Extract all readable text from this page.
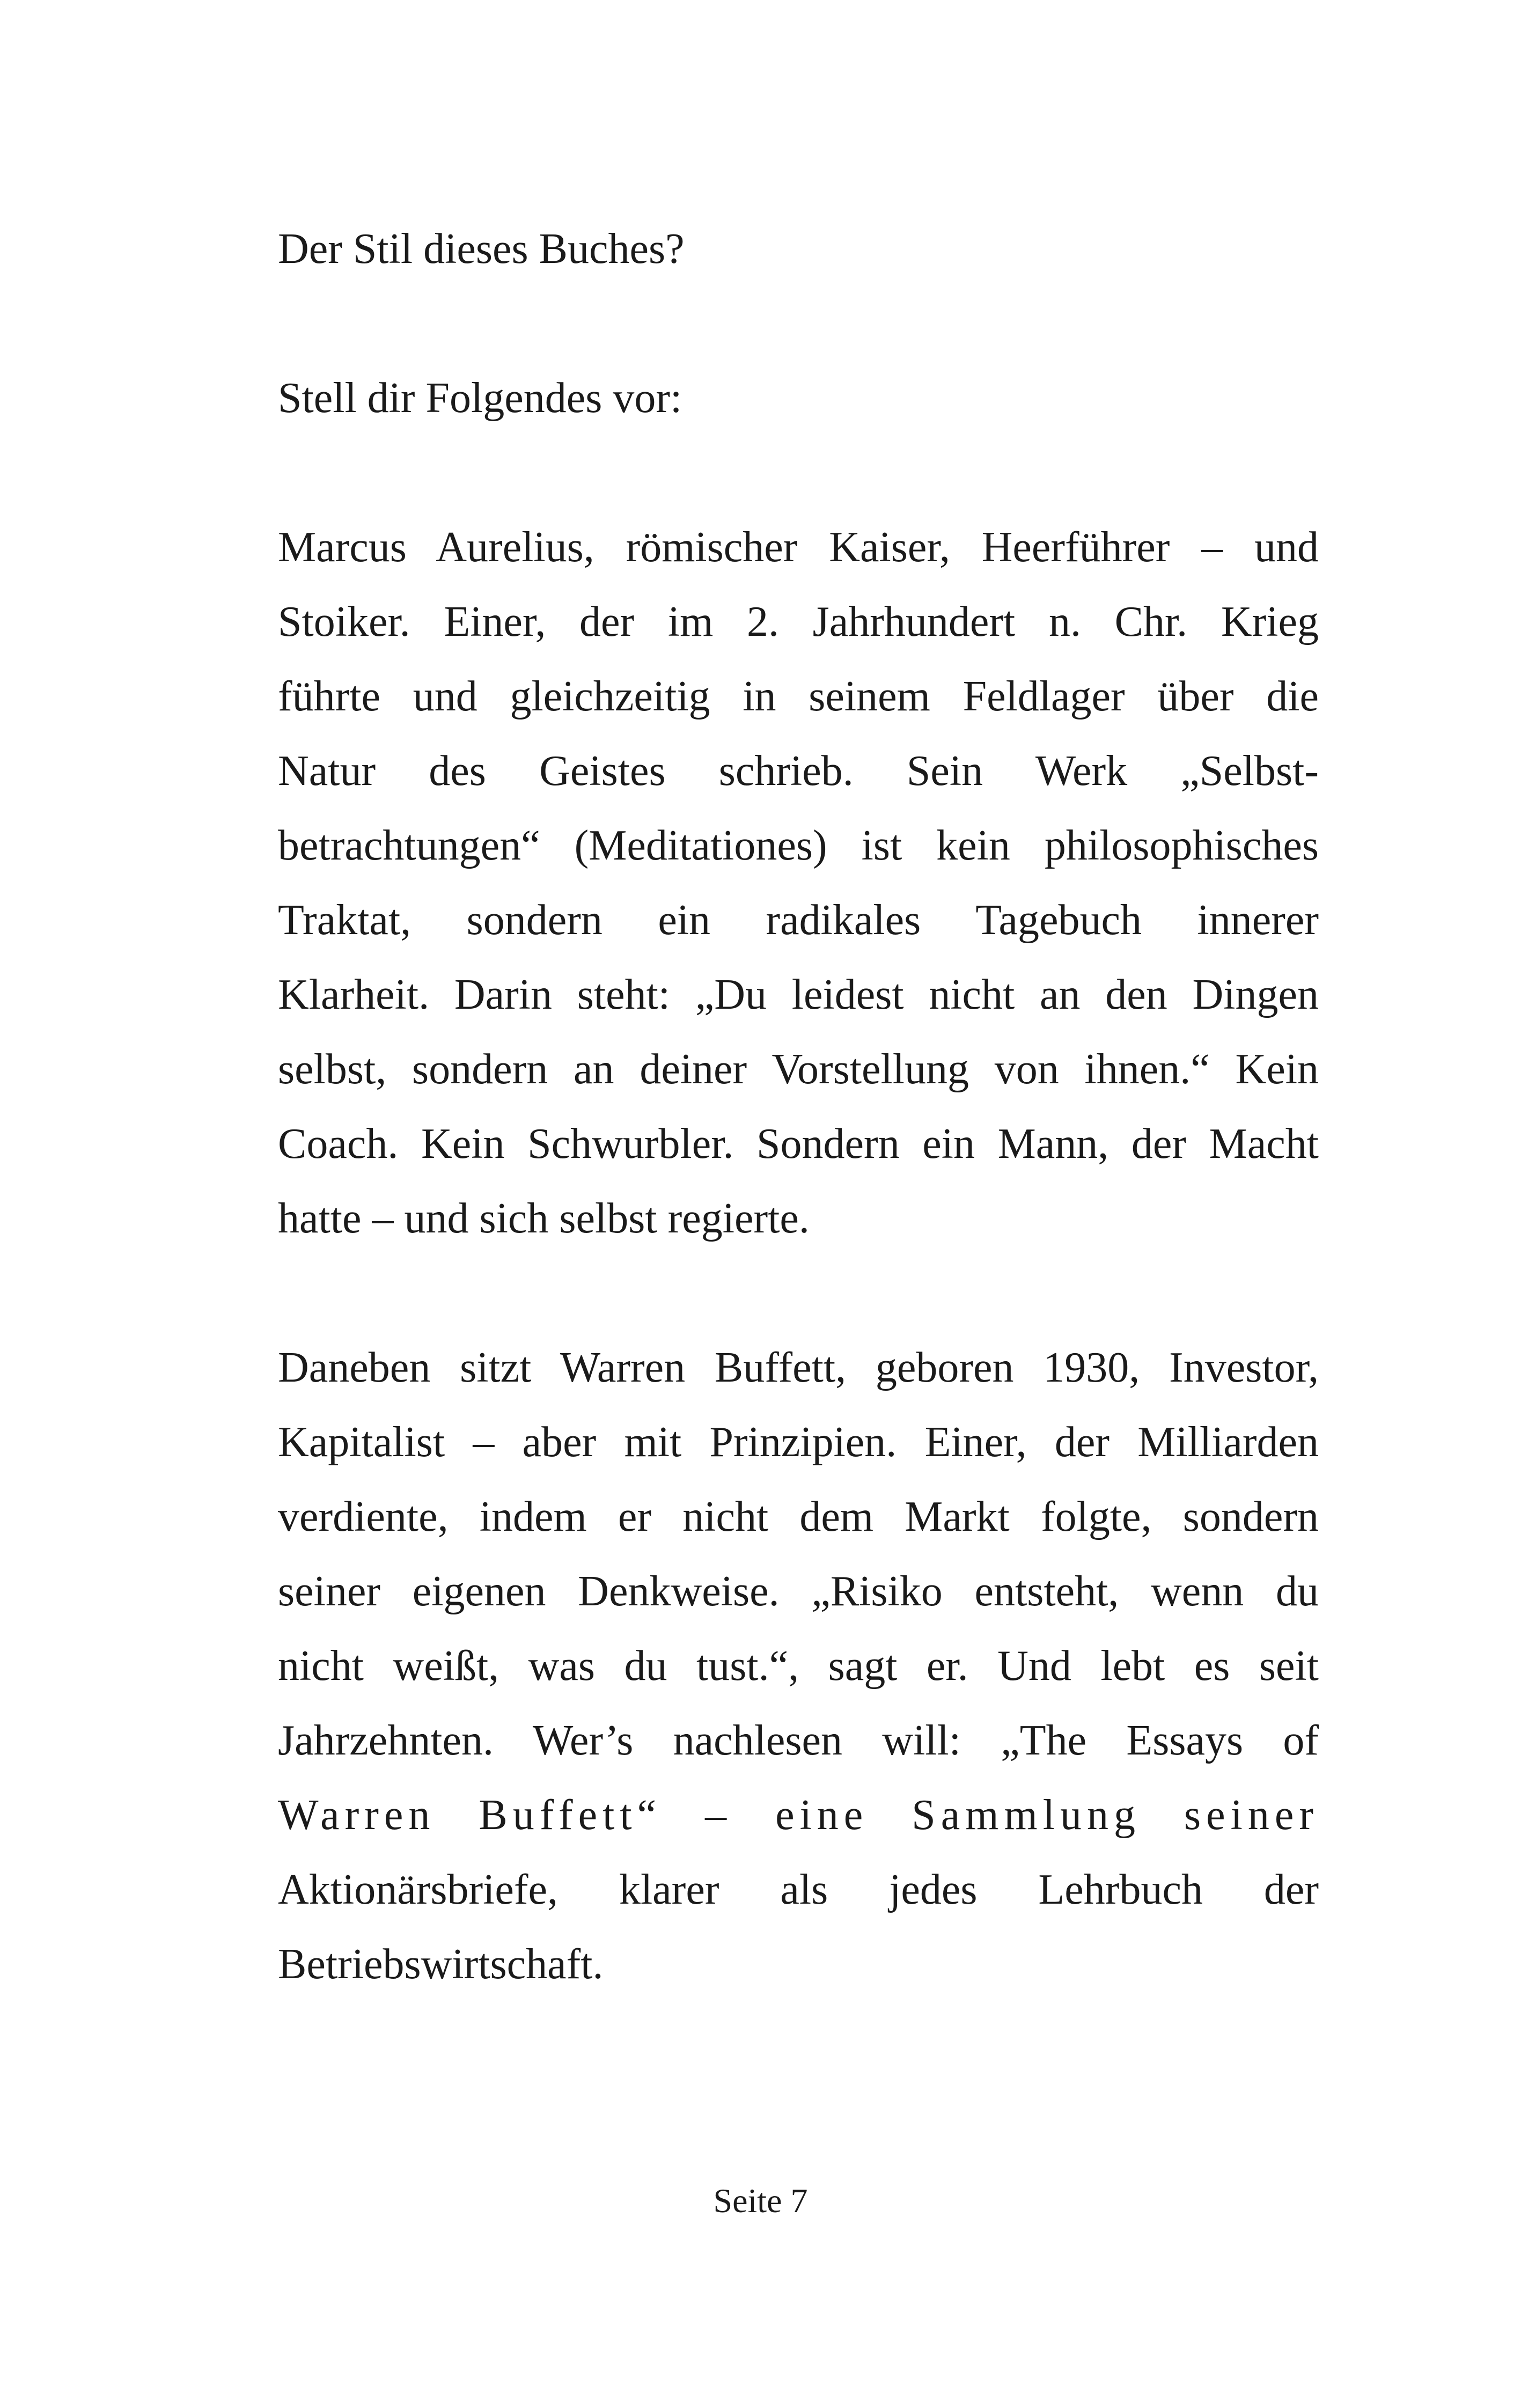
Der Stil dieses Buches?
Stell dir Folgendes vor:
Marcus Aurelius, römischer Kaiser, Heerführer – und
Stoiker. Einer, der im 2. Jahrhundert n. Chr. Krieg
führte und gleichzeitig in seinem Feldlager über die
Natur des Geistes schrieb. Sein Werk „Selbst-
betrachtungen“ (Meditationes) ist kein philosophisches
Traktat, sondern ein radikales Tagebuch innerer
Klarheit. Darin steht: „Du leidest nicht an den Dingen
selbst, sondern an deiner Vorstellung von ihnen.“ Kein
Coach. Kein Schwurbler. Sondern ein Mann, der Macht
hatte – und sich selbst regierte.
Daneben sitzt Warren Buffett, geboren 1930, Investor,
Kapitalist – aber mit Prinzipien. Einer, der Milliarden
verdiente, indem er nicht dem Markt folgte, sondern
seiner eigenen Denkweise. „Risiko entsteht, wenn du
nicht weißt, was du tust.“, sagt er. Und lebt es seit
Jahrzehnten. Wer’s nachlesen will: „The Essays of
Warren Buffett“ – eine Sammlung seiner
Aktionärsbriefe, klarer als jedes Lehrbuch der
Betriebswirtschaft.
Seite 7
